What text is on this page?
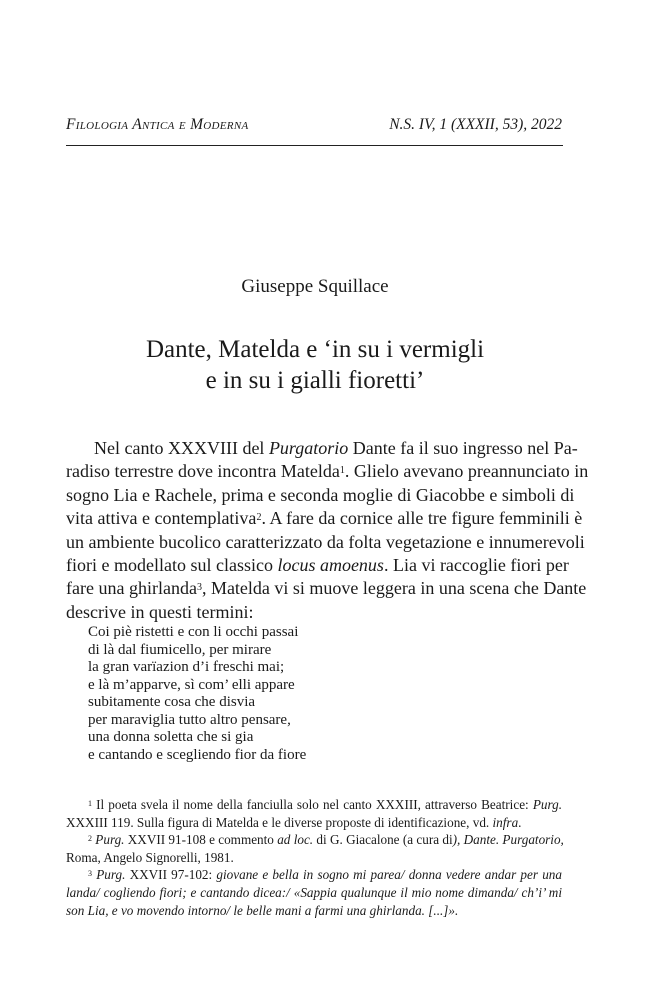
Filologia Antica e Moderna	N.S. IV, 1 (XXXII, 53), 2022
Giuseppe Squillace
Dante, Matelda e ‘in su i vermigli
e in su i gialli fioretti’
Nel canto XXXVIII del Purgatorio Dante fa il suo ingresso nel Pa-
radiso terrestre dove incontra Matelda$^1$. Glielo avevano preannunciato in
sogno Lia e Rachele, prima e seconda moglie di Giacobbe e simboli di
vita attiva e contemplativa$^2$. A fare da cornice alle tre figure femminili è
un ambiente bucolico caratterizzato da folta vegetazione e innumerevoli
fiori e modellato sul classico locus amoenus. Lia vi raccoglie fiori per
fare una ghirlanda$^3$, Matelda vi si muove leggera in una scena che Dante
descrive in questi termini:
Coi piè ristetti e con li occhi passai
di là dal fiumicello, per mirare
la gran varïazion d’i freschi mai;
e là m’apparve, sì com’ elli appare
subitamente cosa che disvia
per maraviglia tutto altro pensare,
una donna soletta che si gia
e cantando e scegliendo fior da fiore
$^1$ Il poeta svela il nome della fanciulla solo nel canto XXXIII, attraverso Beatrice: Purg.
XXXIII 119. Sulla figura di Matelda e le diverse proposte di identificazione, vd. infra.
$^2$ Purg. XXVII 91-108 e commento ad loc. di G. Giacalone (a cura di), Dante. Purgatorio,
Roma, Angelo Signorelli, 1981.
$^3$ Purg. XXVII 97-102: giovane e bella in sogno mi parea/ donna vedere andar per una
landa/ cogliendo fiori; e cantando dicea:/ «Sappia qualunque il mio nome dimanda/ ch’i’ mi
son Lia, e vo movendo intorno/ le belle mani a farmi una ghirlanda. [...]».
